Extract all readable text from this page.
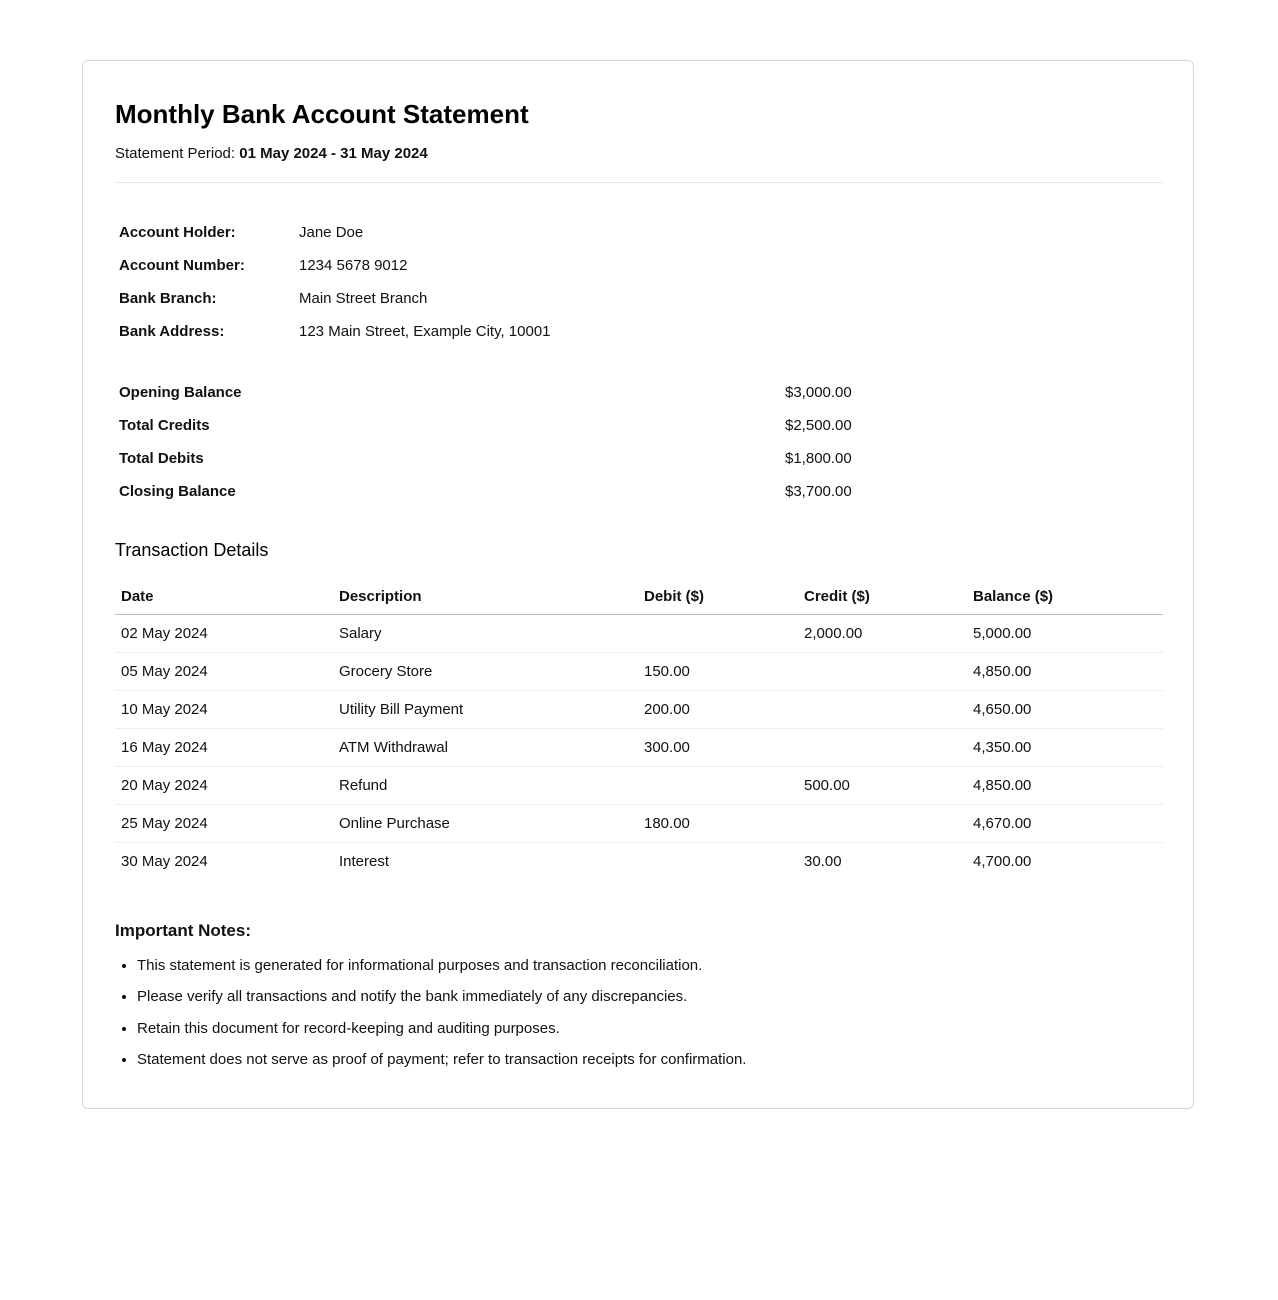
Monthly Bank Account Statement
Statement Period: 01 May 2024 - 31 May 2024
Account Holder:	Jane Doe
Account Number:	1234 5678 9012
Bank Branch:	Main Street Branch
Bank Address:	123 Main Street, Example City, 10001
Opening Balance	$3,000.00
Total Credits	$2,500.00
Total Debits	$1,800.00
Closing Balance	$3,700.00
Transaction Details
Date	Description	Debit ($)	Credit ($)	Balance ($)
02 May 2024	Salary		2,000.00	5,000.00
05 May 2024	Grocery Store	150.00		4,850.00
10 May 2024	Utility Bill Payment	200.00		4,650.00
16 May 2024	ATM Withdrawal	300.00		4,350.00
20 May 2024	Refund		500.00	4,850.00
25 May 2024	Online Purchase	180.00		4,670.00
30 May 2024	Interest		30.00	4,700.00
Important Notes:
• This statement is generated for informational purposes and transaction reconciliation.
• Please verify all transactions and notify the bank immediately of any discrepancies.
• Retain this document for record-keeping and auditing purposes.
• Statement does not serve as proof of payment; refer to transaction receipts for confirmation.
